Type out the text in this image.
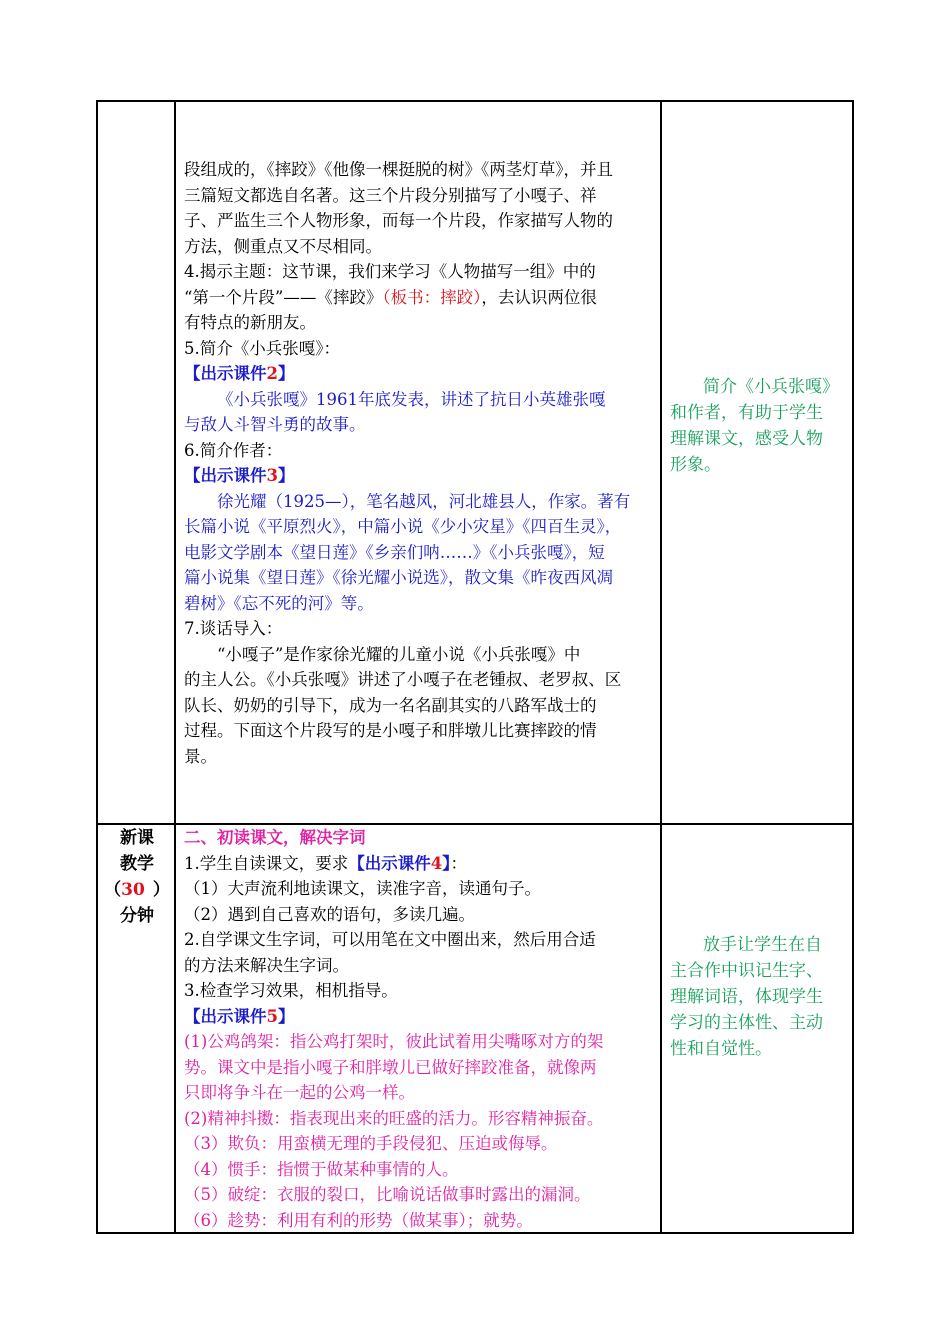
段组成的，《摔跤》《他像一棵挺脱的树》《两茎灯草》，并且
三篇短文都选自名著。这三个片段分别描写了小嘎子、祥
子、严监生三个人物形象，而每一个片段，作家描写人物的
方法，侧重点又不尽相同。
4.揭示主题：这节课，我们来学习《人物描写一组》中的
“第一个片段”——《摔跤》（板书：摔跤），去认识两位很
有特点的新朋友。
5.简介《小兵张嘎》：
【出示课件2】
《小兵张嘎》1961年底发表，讲述了抗日小英雄张嘎
与敌人斗智斗勇的故事。
6.简介作者：
【出示课件3】
徐光耀（1925—），笔名越风，河北雄县人，作家。著有
长篇小说《平原烈火》，中篇小说《少小灾星》《四百生灵》，
电影文学剧本《望日莲》《乡亲们呐……》《小兵张嘎》，短
篇小说集《望日莲》《徐光耀小说选》，散文集《昨夜西风凋
碧树》《忘不死的河》等。
7.谈话导入：
“小嘎子”是作家徐光耀的儿童小说《小兵张嘎》中
的主人公。《小兵张嘎》讲述了小嘎子在老锺叔、老罗叔、区
队长、奶奶的引导下，成为一名名副其实的八路军战士的
过程。下面这个片段写的是小嘎子和胖墩儿比赛摔跤的情
景。
简介《小兵张嘎》
和作者，有助于学生
理解课文，感受人物
形象。
新课
教学
（30 ）
分钟
二、初读课文，解决字词
1.学生自读课文，要求【出示课件4】：
（1）大声流利地读课文，读准字音，读通句子。
（2）遇到自己喜欢的语句，多读几遍。
2.自学课文生字词，可以用笔在文中圈出来，然后用合适
的方法来解决生字词。
3.检查学习效果，相机指导。
【出示课件5】
(1)公鸡鸽架：指公鸡打架时，彼此试着用尖嘴啄对方的架
势。课文中是指小嘎子和胖墩儿已做好摔跤准备，就像两
只即将争斗在一起的公鸡一样。
(2)精神抖擞：指表现出来的旺盛的活力。形容精神振奋。
（3）欺负：用蛮横无理的手段侵犯、压迫或侮辱。
（4）惯手：指惯于做某种事情的人。
（5）破绽：衣服的裂口，比喻说话做事时露出的漏洞。
（6）趁势：利用有利的形势（做某事）；就势。
放手让学生在自
主合作中识记生字、
理解词语，体现学生
学习的主体性、主动
性和自觉性。
